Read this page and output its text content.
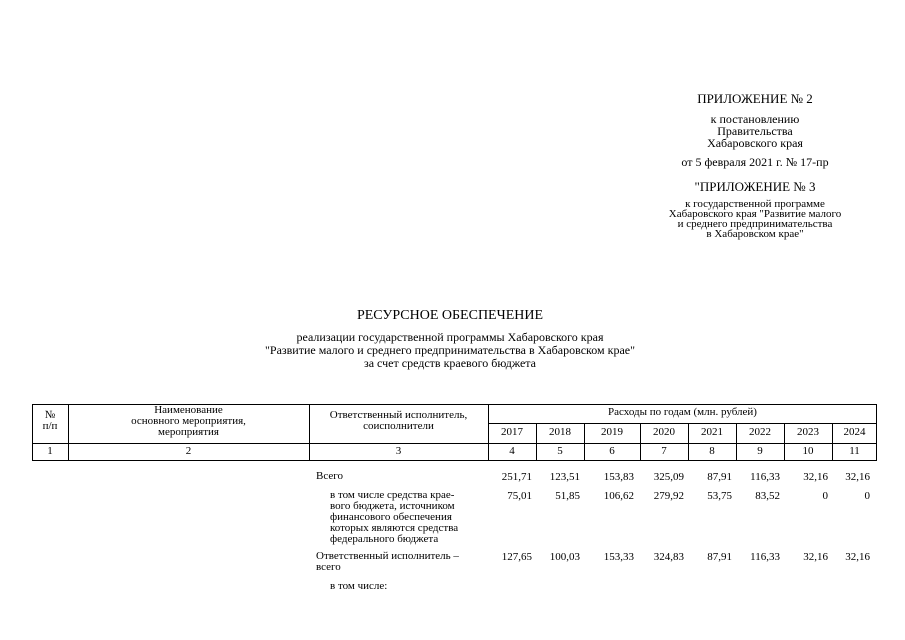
ПРИЛОЖЕНИЕ № 2
к постановлению
Правительства
Хабаровского края
от 5 февраля 2021 г. № 17-пр
"ПРИЛОЖЕНИЕ № 3
к государственной программе
Хабаровского края "Развитие малого
и среднего предпринимательства
в Хабаровском крае"
РЕСУРСНОЕ ОБЕСПЕЧЕНИЕ
реализации государственной программы Хабаровского края
"Развитие малого и среднего предпринимательства в Хабаровском крае"
за счет средств краевого бюджета
№
п/п
Наименование
основного мероприятия,
мероприятия
Ответственный исполнитель,
соисполнители
Расходы по годам (млн. рублей)
2017	2018	2019	2020	2021	2022	2023	2024
1	2	3	4	5	6	7	8	9	10	11
Всего	251,71	123,51	153,83	325,09	87,91	116,33	32,16	32,16
в том числе средства крае-
вого бюджета, источником
финансового обеспечения
которых являются средства
федерального бюджета
75,01	51,85	106,62	279,92	53,75	83,52	0	0
Ответственный исполнитель –
всего
127,65	100,03	153,33	324,83	87,91	116,33	32,16	32,16
в том числе:
